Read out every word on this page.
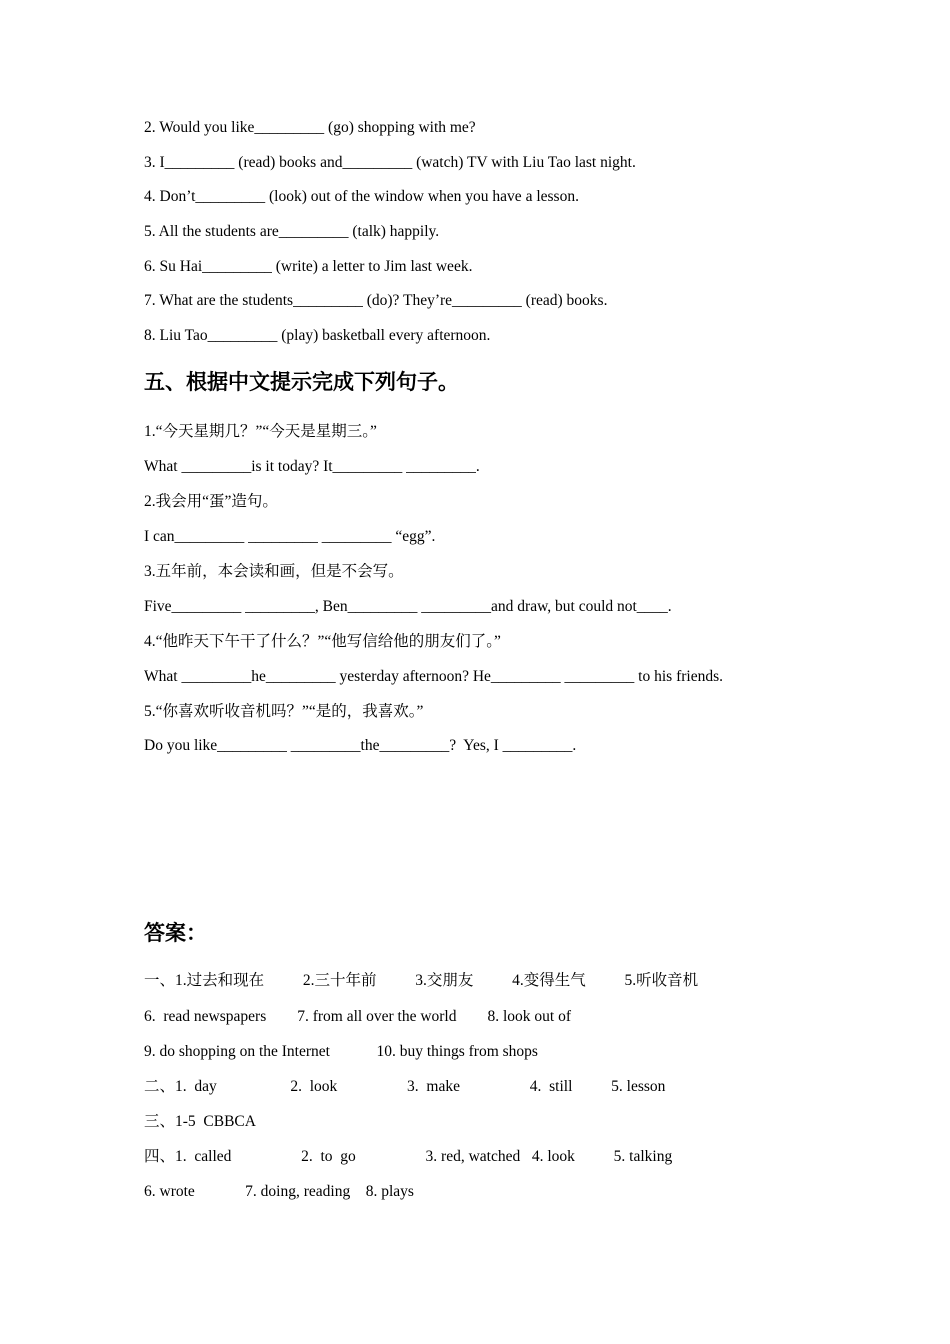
2. Would you like_________ (go) shopping with me?
3. I_________ (read) books and_________ (watch) TV with Liu Tao last night.
4. Don’t_________ (look) out of the window when you have a lesson.
5. All the students are_________ (talk) happily.
6. Su Hai_________ (write) a letter to Jim last week.
7. What are the students_________ (do)? They’re_________ (read) books.
8. Liu Tao_________ (play) basketball every afternoon.
五、根据中文提示完成下列句子。
1.“今天星期几？”“今天是星期三。”
What _________is it today? It_________ _________.
2.我会用“蛋”造句。
I can_________ _________ _________ “egg”.
3.五年前，本会读和画，但是不会写。
Five_________ _________, Ben_________ _________and draw, but could not____.
4.“他昨天下午干了什么？”“他写信给他的朋友们了。”
What _________he_________ yesterday afternoon? He_________ _________ to his friends.
5.“你喜欢听收音机吗？”“是的，我喜欢。”
Do you like_________ _________the_________?  Yes, I _________.
答案：
一、1.过去和现在          2.三十年前          3.交朋友          4.变得生气          5.听收音机
6.  read newspapers        7. from all over the world        8. look out of
9. do shopping on the Internet            10. buy things from shops
二、1.  day                   2.  look                  3.  make                  4.  still          5. lesson
三、1-5  CBBCA
四、1.  called                  2.  to  go                  3. red, watched   4. look          5. talking
6. wrote             7. doing, reading    8. plays
